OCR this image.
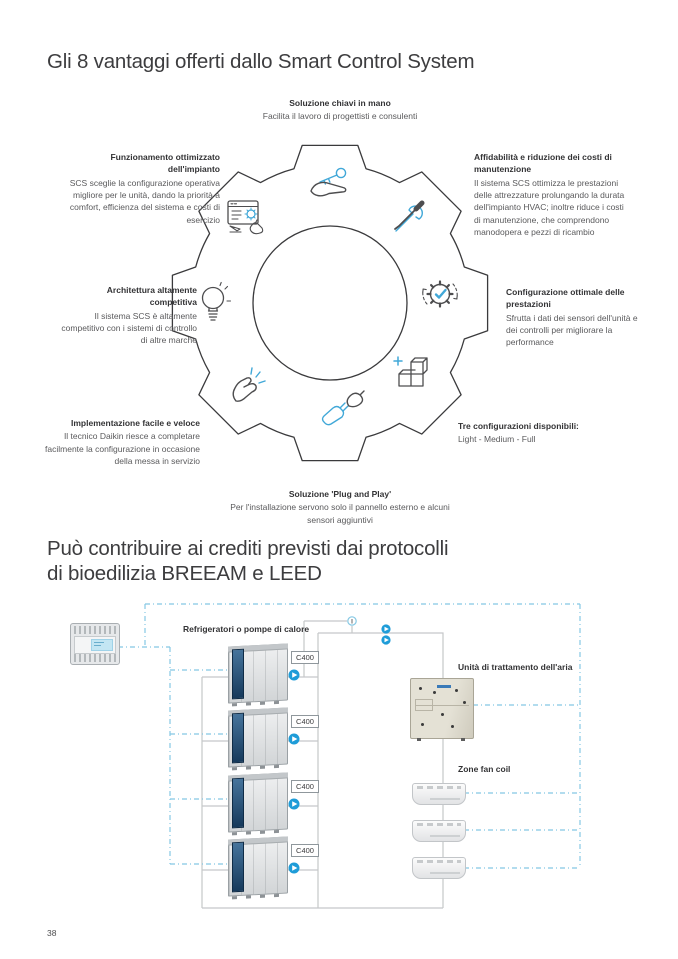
Gli 8 vantaggi offerti dallo Smart Control System
Soluzione chiavi in mano
Facilita il lavoro di progettisti e consulenti
Funzionamento ottimizzato dell'impianto
SCS sceglie la configurazione operativa migliore per le unità, dando la priorità a comfort, efficienza del sistema e costi di esercizio
Affidabilità e riduzione dei costi di manutenzione
Il sistema SCS ottimizza le prestazioni delle attrezzature prolungando la durata dell'impianto HVAC; inoltre riduce i costi di manutenzione, che comprendono manodopera e pezzi di ricambio
Architettura altamente competitiva
Il sistema SCS è altamente competitivo con i sistemi di controllo di altre marche
Configurazione ottimale delle prestazioni
Sfrutta i dati dei sensori dell'unità e dei controlli per migliorare la performance
Implementazione facile e veloce
Il tecnico Daikin riesce a completare facilmente la configurazione in occasione della messa in servizio
Tre configurazioni disponibili:
Light - Medium - Full
Soluzione 'Plug and Play'
Per l'installazione servono solo il pannello esterno e alcuni sensori aggiuntivi
Può contribuire ai crediti previsti dai protocolli
di bioedilizia BREEAM e LEED
Refrigeratori o pompe di calore
Unità di trattamento dell'aria
Zone fan coil
C400
C400
C400
C400
38
